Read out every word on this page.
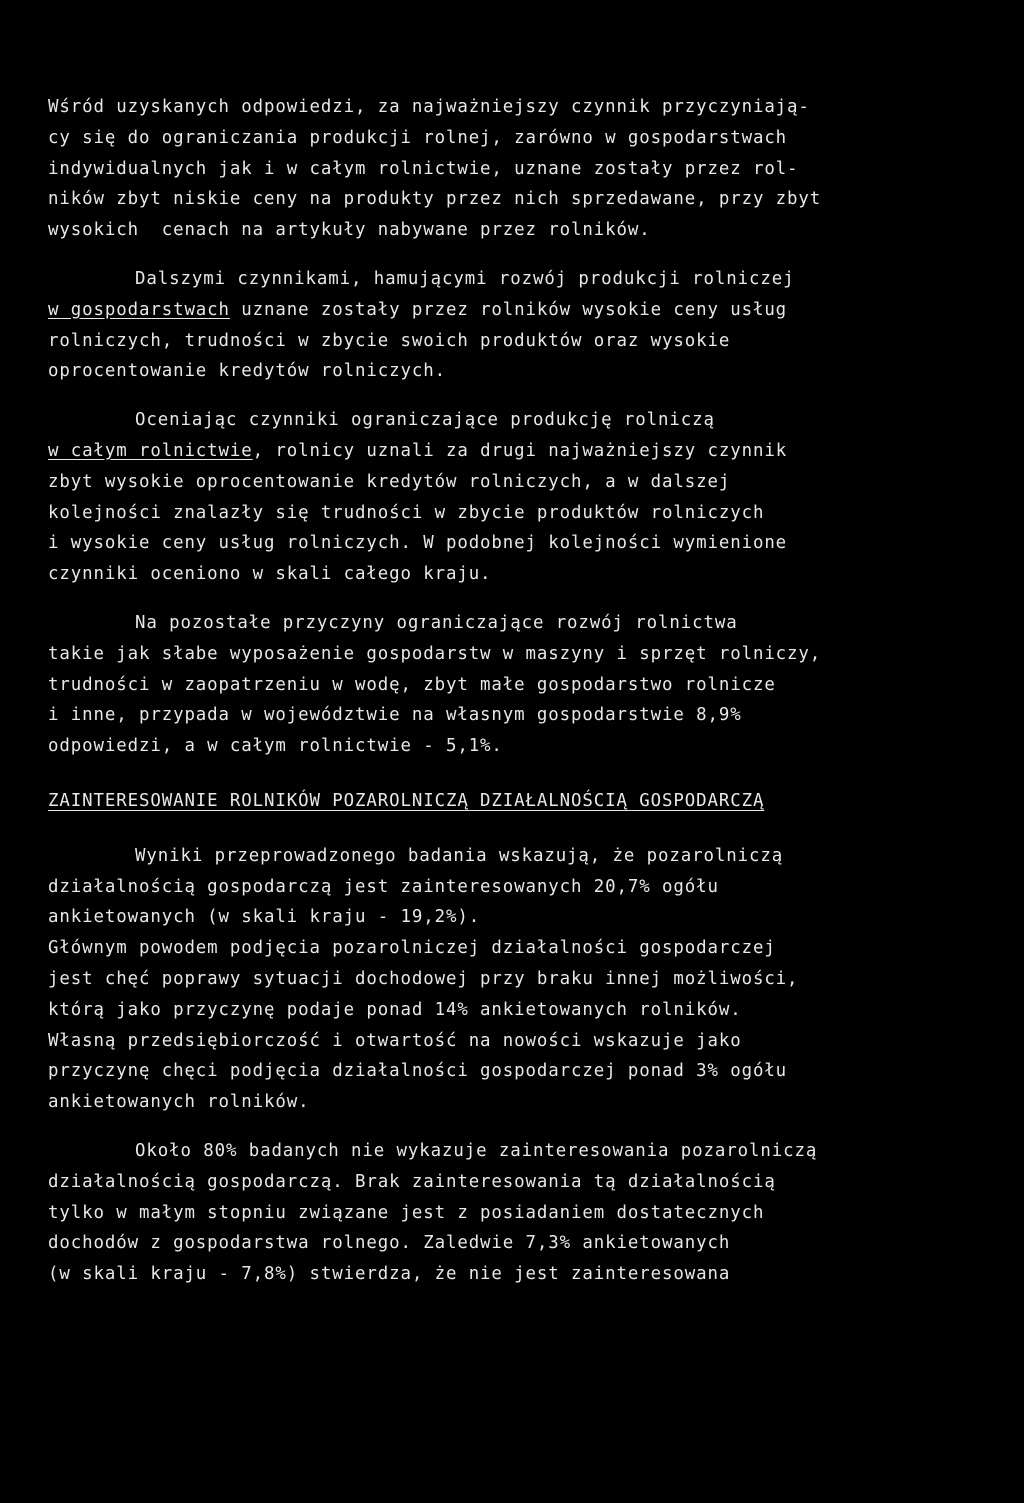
Wśród uzyskanych odpowiedzi, za najważniejszy czynnik przyczyniają-
cy się do ograniczania produkcji rolnej, zarówno w gospodarstwach
indywidualnych jak i w całym rolnictwie, uznane zostały przez rol-
ników zbyt niskie ceny na produkty przez nich sprzedawane, przy zbyt
wysokich  cenach na artykuły nabywane przez rolników.
Dalszymi czynnikami, hamującymi rozwój produkcji rolniczej
w gospodarstwach uznane zostały przez rolników wysokie ceny usług
rolniczych, trudności w zbycie swoich produktów oraz wysokie
oprocentowanie kredytów rolniczych.
Oceniając czynniki ograniczające produkcję rolniczą
w całym rolnictwie, rolnicy uznali za drugi najważniejszy czynnik
zbyt wysokie oprocentowanie kredytów rolniczych, a w dalszej
kolejności znalazły się trudności w zbycie produktów rolniczych
i wysokie ceny usług rolniczych. W podobnej kolejności wymienione
czynniki oceniono w skali całego kraju.
Na pozostałe przyczyny ograniczające rozwój rolnictwa
takie jak słabe wyposażenie gospodarstw w maszyny i sprzęt rolniczy,
trudności w zaopatrzeniu w wodę, zbyt małe gospodarstwo rolnicze
i inne, przypada w województwie na własnym gospodarstwie 8,9%
odpowiedzi, a w całym rolnictwie - 5,1%.
ZAINTERESOWANIE ROLNIKÓW POZAROLNICZĄ DZIAŁALNOŚCIĄ GOSPODARCZĄ
Wyniki przeprowadzonego badania wskazują, że pozarolniczą
działalnością gospodarczą jest zainteresowanych 20,7% ogółu
ankietowanych (w skali kraju - 19,2%).
Głównym powodem podjęcia pozarolniczej działalności gospodarczej
jest chęć poprawy sytuacji dochodowej przy braku innej możliwości,
którą jako przyczynę podaje ponad 14% ankietowanych rolników.
Własną przedsiębiorczość i otwartość na nowości wskazuje jako
przyczynę chęci podjęcia działalności gospodarczej ponad 3% ogółu
ankietowanych rolników.
Około 80% badanych nie wykazuje zainteresowania pozarolniczą
działalnością gospodarczą. Brak zainteresowania tą działalnością
tylko w małym stopniu związane jest z posiadaniem dostatecznych
dochodów z gospodarstwa rolnego. Zaledwie 7,3% ankietowanych
(w skali kraju - 7,8%) stwierdza, że nie jest zainteresowana
